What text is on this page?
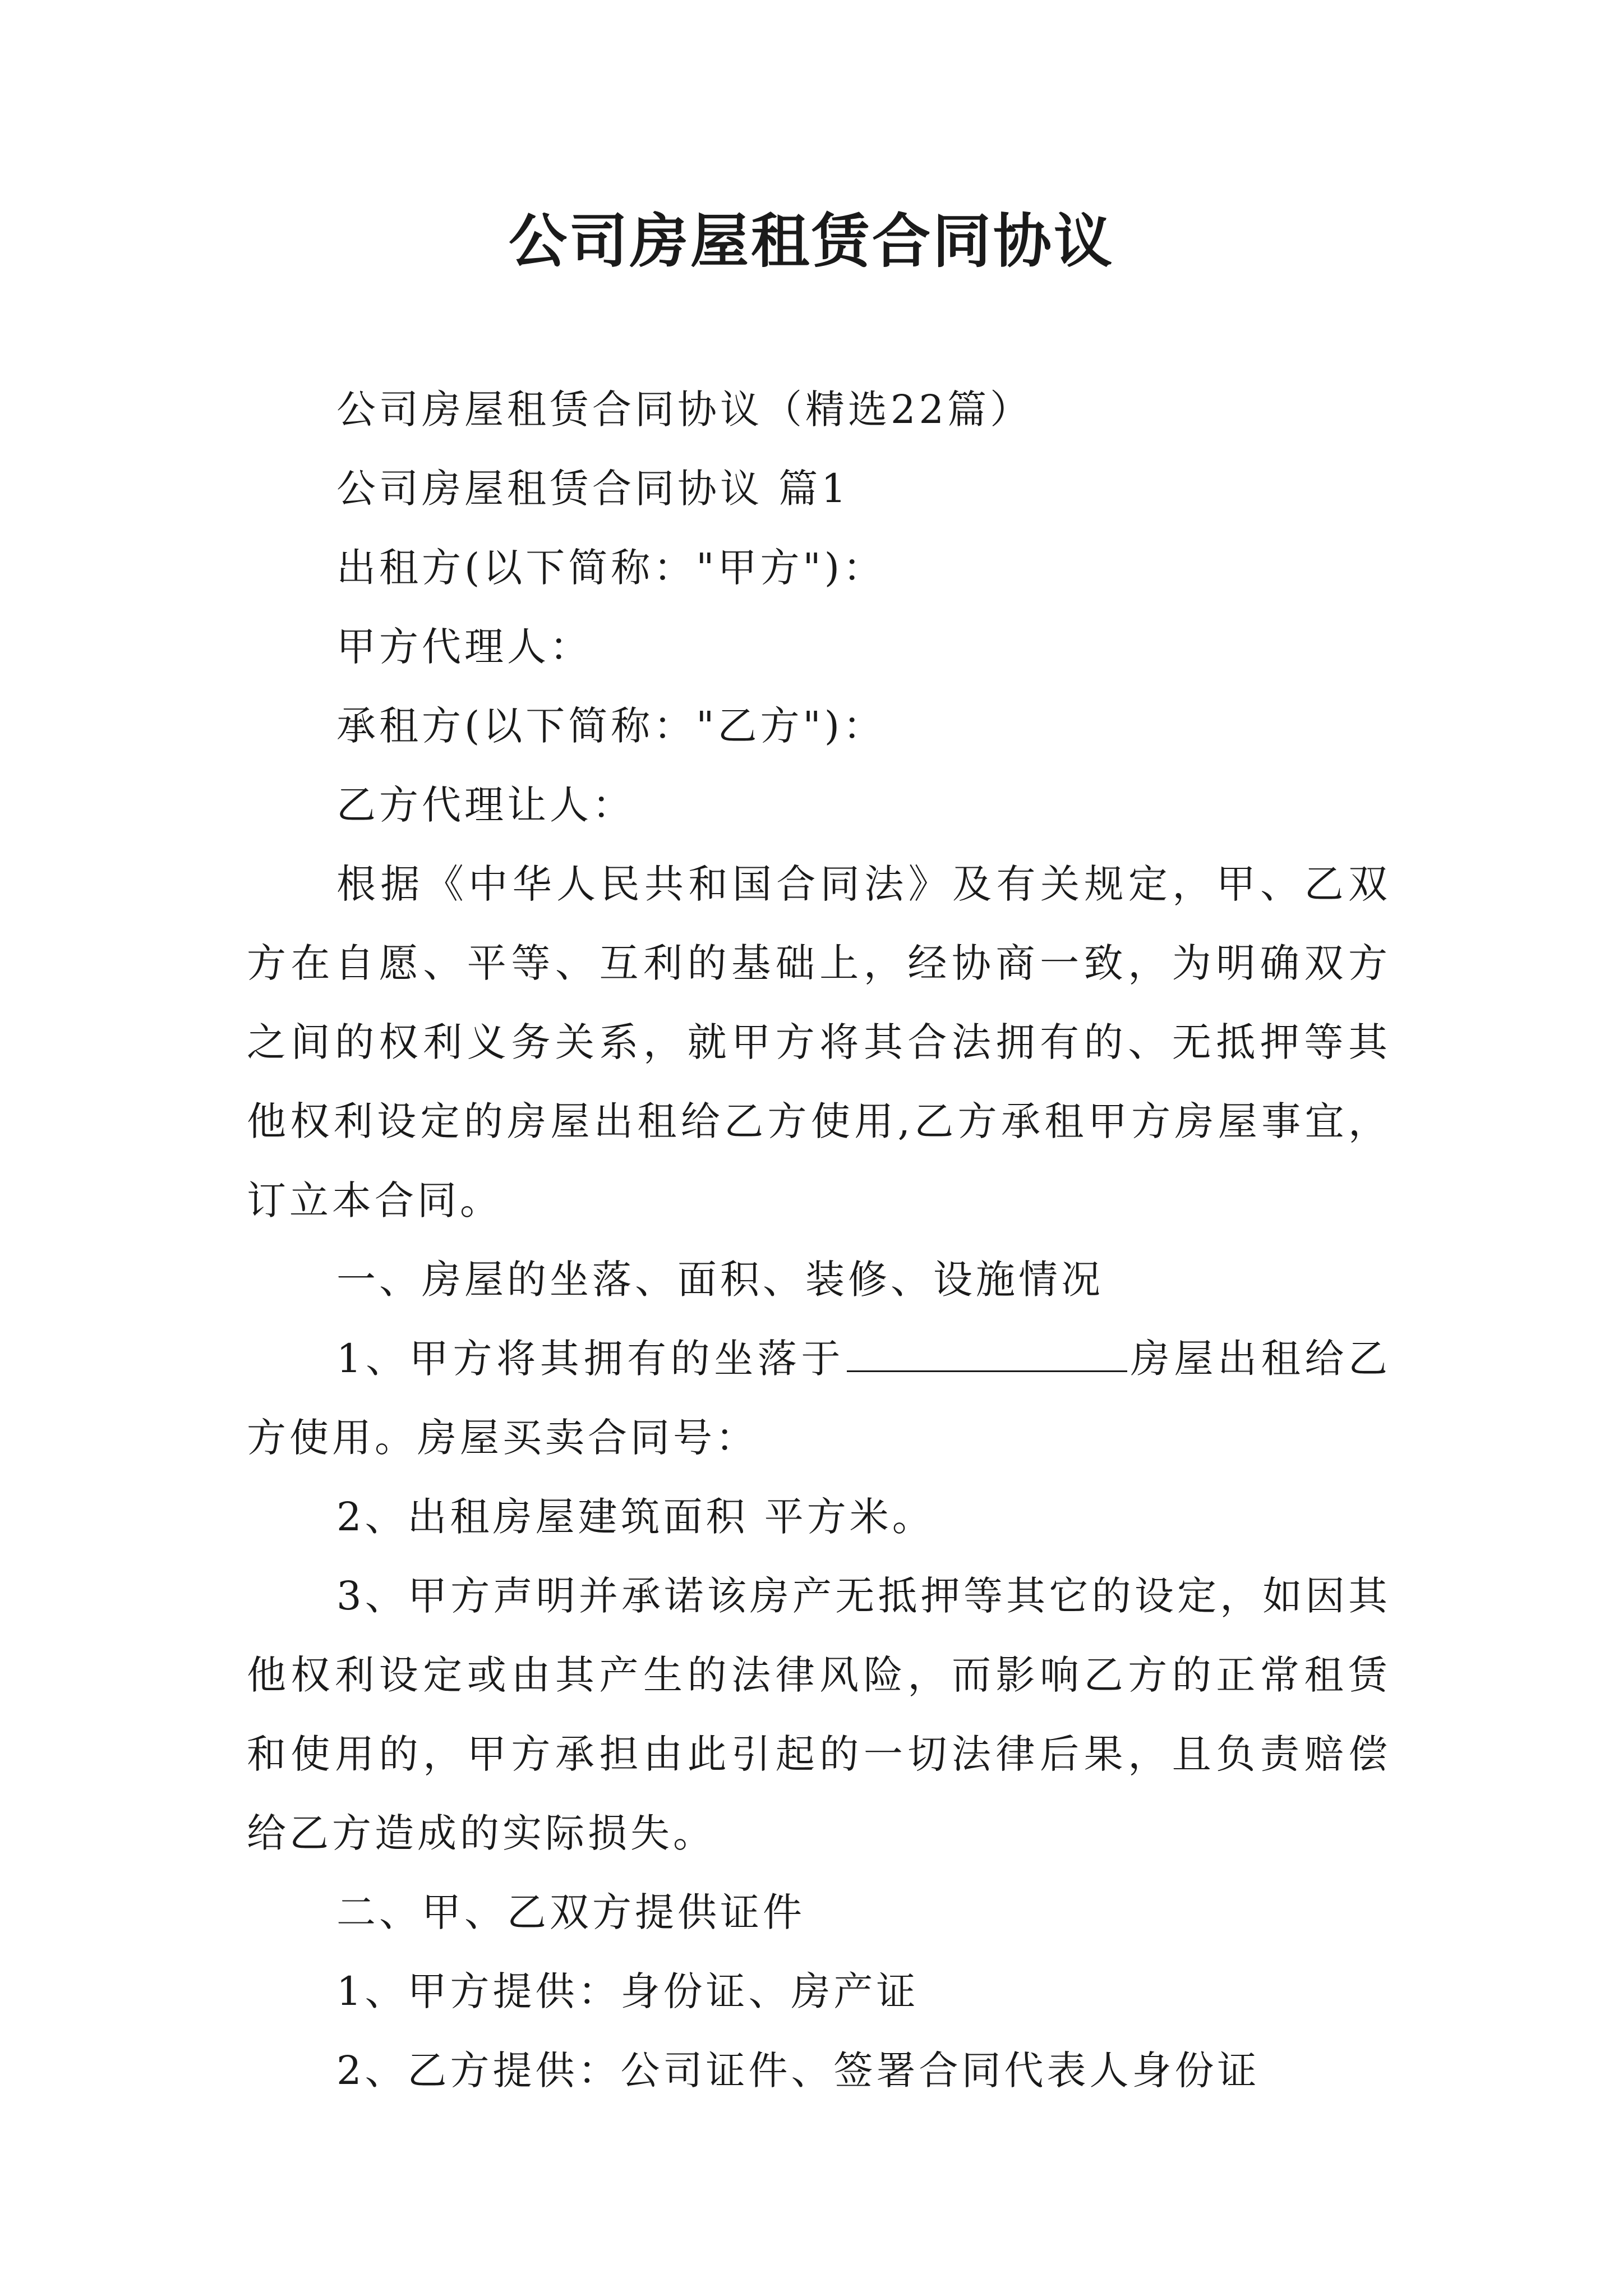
公司房屋租赁合同协议

公司房屋租赁合同协议（精选22篇）

公司房屋租赁合同协议 篇1

出租方(以下简称："甲方")：

甲方代理人：

承租方(以下简称："乙方")：

乙方代理让人：

根据《中华人民共和国合同法》及有关规定，甲、乙双方在自愿、平等、互利的基础上，经协商一致，为明确双方之间的权利义务关系，就甲方将其合法拥有的、无抵押等其他权利设定的房屋出租给乙方使用,乙方承租甲方房屋事宜，订立本合同。

一、房屋的坐落、面积、装修、设施情况

1、甲方将其拥有的坐落于	房屋出租给乙方使用。房屋买卖合同号：

2、出租房屋建筑面积 平方米。

3、甲方声明并承诺该房产无抵押等其它的设定，如因其他权利设定或由其产生的法律风险，而影响乙方的正常租赁和使用的，甲方承担由此引起的一切法律后果，且负责赔偿给乙方造成的实际损失。

二、甲、乙双方提供证件

1、甲方提供：身份证、房产证

2、乙方提供：公司证件、签署合同代表人身份证
